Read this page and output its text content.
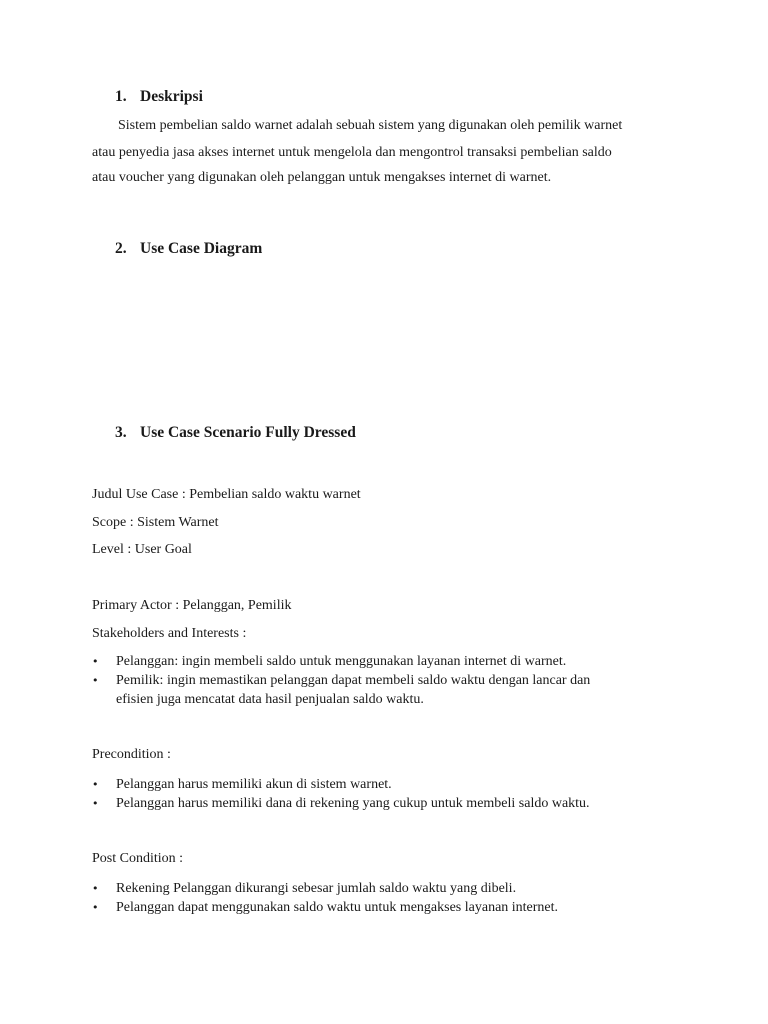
1. Deskripsi
Sistem pembelian saldo warnet adalah sebuah sistem yang digunakan oleh pemilik warnet
atau penyedia jasa akses internet untuk mengelola dan mengontrol transaksi pembelian saldo
atau voucher yang digunakan oleh pelanggan untuk mengakses internet di warnet.
2. Use Case Diagram
3. Use Case Scenario Fully Dressed
Judul Use Case : Pembelian saldo waktu warnet
Scope : Sistem Warnet
Level : User Goal
Primary Actor : Pelanggan, Pemilik
Stakeholders and Interests :
•	Pelanggan: ingin membeli saldo untuk menggunakan layanan internet di warnet.
•	Pemilik: ingin memastikan pelanggan dapat membeli saldo waktu dengan lancar dan
efisien juga mencatat data hasil penjualan saldo waktu.
Precondition :
•	Pelanggan harus memiliki akun di sistem warnet.
•	Pelanggan harus memiliki dana di rekening yang cukup untuk membeli saldo waktu.
Post Condition :
•	Rekening Pelanggan dikurangi sebesar jumlah saldo waktu yang dibeli.
•	Pelanggan dapat menggunakan saldo waktu untuk mengakses layanan internet.
